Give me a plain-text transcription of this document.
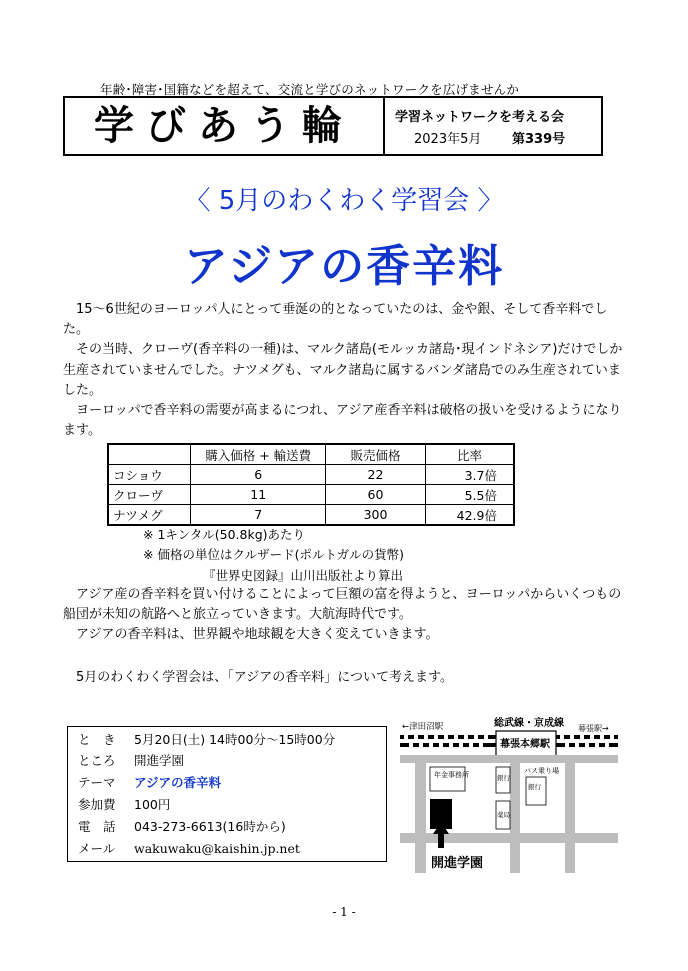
年齢･障害･国籍などを超えて、交流と学びのネットワークを広げませんか
学びあう輪	学習ネットワークを考える会
2023年5月 第339号
〈 5月のわくわく学習会 〉
アジアの香辛料

15～6世紀のヨーロッパ人にとって垂涎の的となっていたのは、金や銀、そして香辛料でした。

その当時、クローヴ(香辛料の一種)は、マルク諸島(モルッカ諸島･現インドネシア)だけでしか生産されていませんでした。ナツメグも、マルク諸島に属するバンダ諸島でのみ生産されていました。

ヨーロッパで香辛料の需要が高まるにつれ、アジア産香辛料は破格の扱いを受けるようになります。

	購入価格 + 輸送費	販売価格	比率
コショウ	6	22	3.7倍
クローヴ	11	60	5.5倍
ナツメグ	7	300	42.9倍
※ 1キンタル(50.8kg)あたり
※ 価格の単位はクルザード(ポルトガルの貨幣)
『世界史図録』山川出版社より算出

アジア産の香辛料を買い付けることによって巨額の富を得ようと、ヨーロッパからいくつもの船団が未知の航路へと旅立っていきます。大航海時代です。

アジアの香辛料は、世界観や地球観を大きく変えていきます。

5月のわくわく学習会は、「アジアの香辛料」について考えます。
と　き	5月20日(土) 14時00分～15時00分
ところ	開進学園
テーマ	アジアの香辛料
参加費	100円
電　話	043-273-6613(16時から)
メール	wakuwaku@kaishin.jp.net
←津田沼駅	総武線・京成線 幕張駅→
幕張本郷駅
年金事務所	銀行
バス乗り場
銀行
薬局
開進学園
- 1 -
